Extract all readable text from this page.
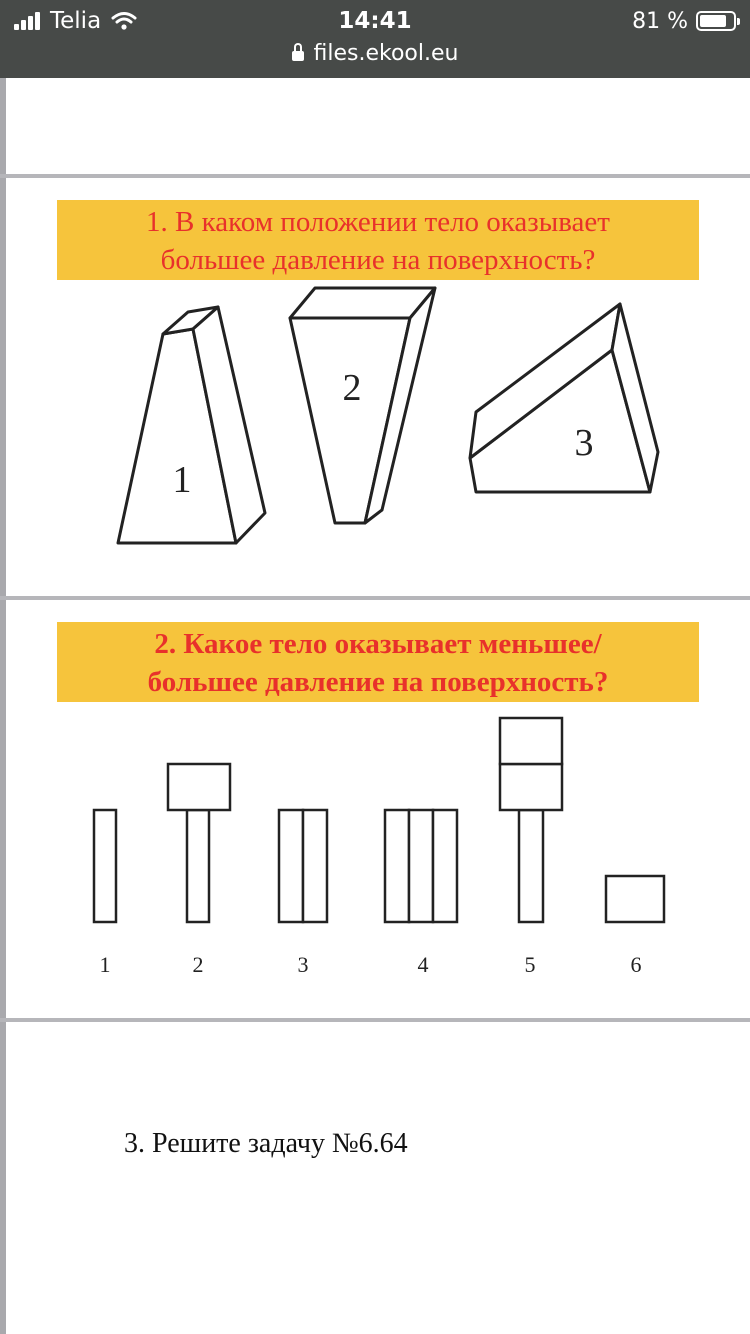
Telia	14:41	81 %
files.ekool.eu
1. В каком положении тело оказывает
большее давление на поверхность?
1
2
3
2. Какое тело оказывает меньшее/
большее давление на поверхность?
1	2	3	4	5	6
3. Решите задачу №6.64
